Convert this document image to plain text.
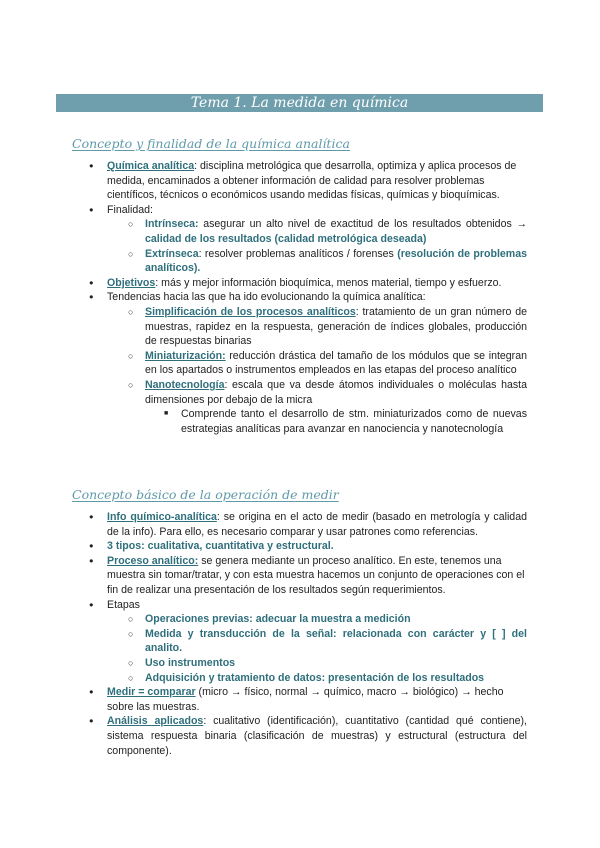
Tema 1. La medida en química
Concepto y finalidad de la química analítica
● Química analítica: disciplina metrológica que desarrolla, optimiza y aplica procesos de medida, encaminados a obtener información de calidad para resolver problemas científicos, técnicos o económicos usando medidas físicas, químicas y bioquímicas.
● Finalidad:
○ Intrínseca: asegurar un alto nivel de exactitud de los resultados obtenidos → calidad de los resultados (calidad metrológica deseada)
○ Extrínseca: resolver problemas analíticos / forenses (resolución de problemas analíticos).
● Objetivos: más y mejor información bioquímica, menos material, tiempo y esfuerzo.
● Tendencias hacia las que ha ido evolucionando la química analítica:
○ Simplificación de los procesos analíticos: tratamiento de un gran número de muestras, rapidez en la respuesta, generación de índices globales, producción de respuestas binarias
○ Miniaturización: reducción drástica del tamaño de los módulos que se integran en los apartados o instrumentos empleados en las etapas del proceso analítico
○ Nanotecnología: escala que va desde átomos individuales o moléculas hasta dimensiones por debajo de la micra
■ Comprende tanto el desarrollo de stm. miniaturizados como de nuevas estrategias analíticas para avanzar en nanociencia y nanotecnología
Concepto básico de la operación de medir
● Info químico-analítica: se origina en el acto de medir (basado en metrología y calidad de la info). Para ello, es necesario comparar y usar patrones como referencias.
● 3 tipos: cualitativa, cuantitativa y estructural.
● Proceso analítico: se genera mediante un proceso analítico. En este, tenemos una muestra sin tomar/tratar, y con esta muestra hacemos un conjunto de operaciones con el fin de realizar una presentación de los resultados según requerimientos.
● Etapas
○ Operaciones previas: adecuar la muestra a medición
○ Medida y transducción de la señal: relacionada con carácter y [ ] del analito.
○ Uso instrumentos
○ Adquisición y tratamiento de datos: presentación de los resultados
● Medir = comparar (micro → físico, normal → químico, macro → biológico) → hecho sobre las muestras.
● Análisis aplicados: cualitativo (identificación), cuantitativo (cantidad qué contiene), sistema respuesta binaria (clasificación de muestras) y estructural (estructura del componente).
